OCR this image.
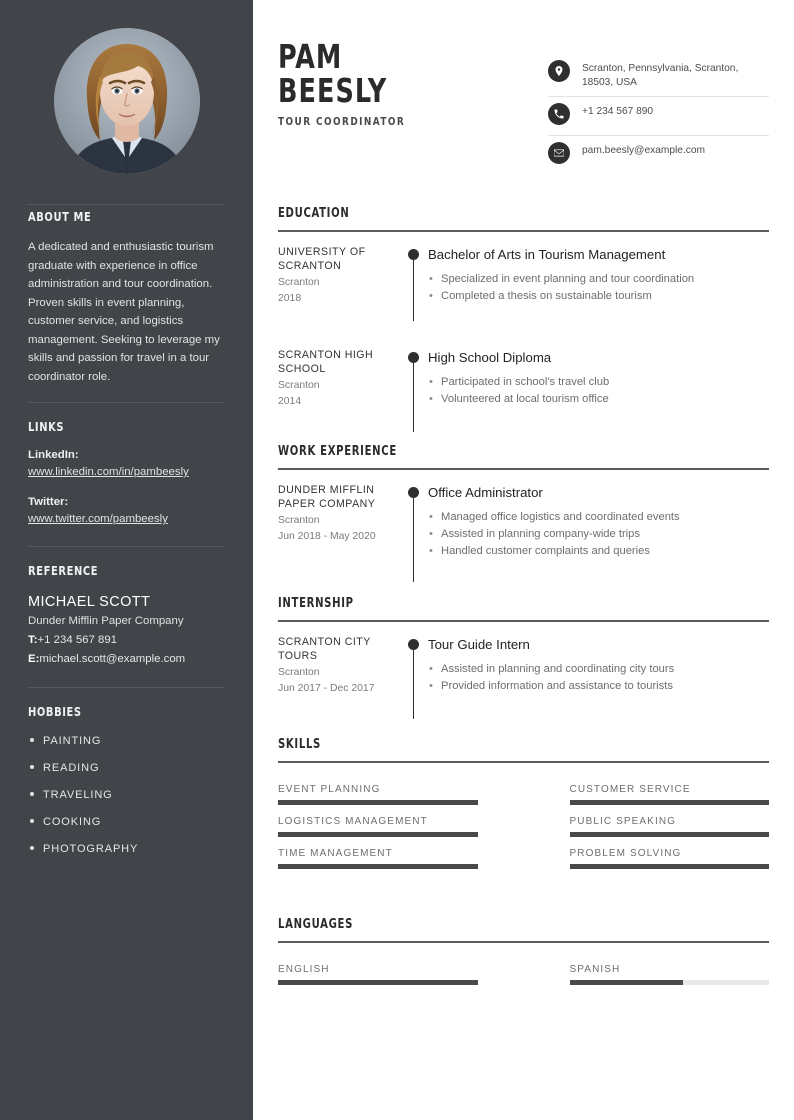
ABOUT ME
A dedicated and enthusiastic tourism graduate with experience in office administration and tour coordination. Proven skills in event planning, customer service, and logistics management. Seeking to leverage my skills and passion for travel in a tour coordinator role.
LINKS
LinkedIn:
www.linkedin.com/in/pambeesly
Twitter:
www.twitter.com/pambeesly
REFERENCE
MICHAEL SCOTT
Dunder Mifflin Paper Company
T:+1 234 567 891
E:michael.scott@example.com
HOBBIES
PAINTING
READING
TRAVELING
COOKING
PHOTOGRAPHY
PAM
BEESLY
TOUR COORDINATOR
Scranton, Pennsylvania, Scranton, 18503, USA
+1 234 567 890
pam.beesly@example.com
EDUCATION
UNIVERSITY OF SCRANTON
Scranton
2018
Bachelor of Arts in Tourism Management
• Specialized in event planning and tour coordination
• Completed a thesis on sustainable tourism
SCRANTON HIGH SCHOOL
Scranton
2014
High School Diploma
• Participated in school's travel club
• Volunteered at local tourism office
WORK EXPERIENCE
DUNDER MIFFLIN PAPER COMPANY
Scranton
Jun 2018 - May 2020
Office Administrator
• Managed office logistics and coordinated events
• Assisted in planning company-wide trips
• Handled customer complaints and queries
INTERNSHIP
SCRANTON CITY TOURS
Scranton
Jun 2017 - Dec 2017
Tour Guide Intern
• Assisted in planning and coordinating city tours
• Provided information and assistance to tourists
SKILLS
EVENT PLANNING	CUSTOMER SERVICE
LOGISTICS MANAGEMENT	PUBLIC SPEAKING
TIME MANAGEMENT	PROBLEM SOLVING
LANGUAGES
ENGLISH	SPANISH
